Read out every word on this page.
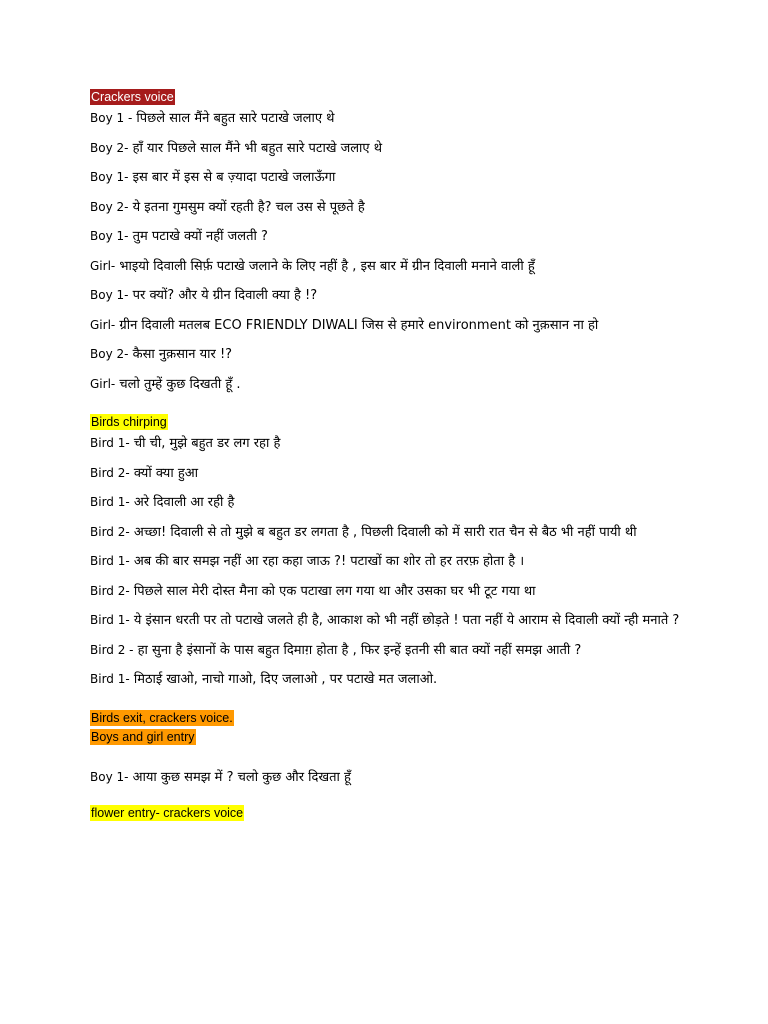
Crackers voice
Boy 1 - पिछले साल मैंने बहुत सारे पटाखे जलाए थे
Boy 2- हाँ यार पिछले साल मैंने भी बहुत सारे पटाखे जलाए थे
Boy 1- इस बार में इस से ब ज़्यादा पटाखे जलाऊँगा
Boy 2- ये इतना गुमसुम क्यों रहती है? चल उस से पूछते है
Boy 1- तुम पटाखे क्यों नहीं जलती ?
Girl- भाइयो दिवाली सिर्फ़ पटाखे जलाने के लिए नहीं है , इस बार में ग्रीन दिवाली मनाने वाली हूँ
Boy 1- पर क्यों? और ये ग्रीन दिवाली क्या है !?
Girl- ग्रीन दिवाली मतलब ECO FRIENDLY DIWALI जिस से हमारे environment को नुक़सान ना हो
Boy 2- कैसा नुक़सान यार !?
Girl- चलो तुम्हें कुछ दिखती हूँ .
Birds chirping
Bird 1- ची ची, मुझे बहुत डर लग रहा है
Bird 2- क्यों क्या हुआ
Bird 1- अरे दिवाली आ रही है
Bird 2- अच्छा! दिवाली से तो मुझे ब बहुत डर लगता है , पिछली दिवाली को में सारी रात चैन से बैठ भी नहीं पायी थी
Bird 1- अब की बार समझ नहीं आ रहा कहा जाऊ ?! पटाखों का शोर तो हर तरफ़ होता है ।
Bird 2- पिछले साल मेरी दोस्त मैना को एक पटाखा लग गया था और उसका घर भी टूट गया था
Bird 1- ये इंसान धरती पर तो पटाखे जलते ही है, आकाश को भी नहीं छोड़ते ! पता नहीं ये आराम से दिवाली क्यों न्ही मनाते ?
Bird 2 - हा सुना है इंसानों के पास बहुत दिमाग़ होता है , फिर इन्हें इतनी सी बात क्यों नहीं समझ आती ?
Bird 1- मिठाई खाओ, नाचो गाओ, दिए जलाओ , पर पटाखे मत जलाओ.
Birds exit, crackers voice.
Boys and girl entry
Boy 1- आया कुछ समझ में ? चलो कुछ और दिखता हूँ
flower entry- crackers voice
